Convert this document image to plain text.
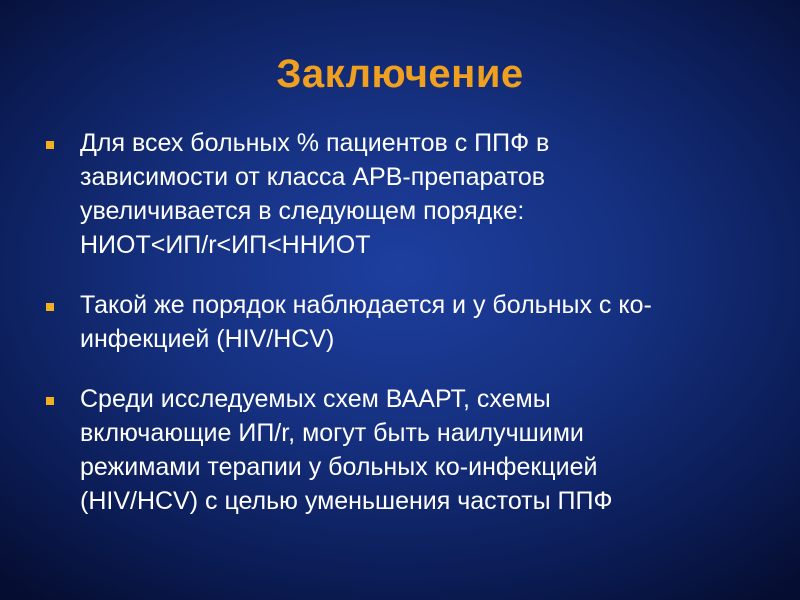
Заключение
Для всех больных % пациентов с ППФ в
зависимости от класса АРВ-препаратов
увеличивается в следующем порядке:
НИОТ<ИП/r<ИП<ННИОТ
Такой же порядок наблюдается и у больных с ко-
инфекцией (HIV/HCV)
Среди исследуемых схем ВААРТ, схемы
включающие ИП/r, могут быть наилучшими
режимами терапии у больных ко-инфекцией
(HIV/HCV) с целью уменьшения частоты ППФ
